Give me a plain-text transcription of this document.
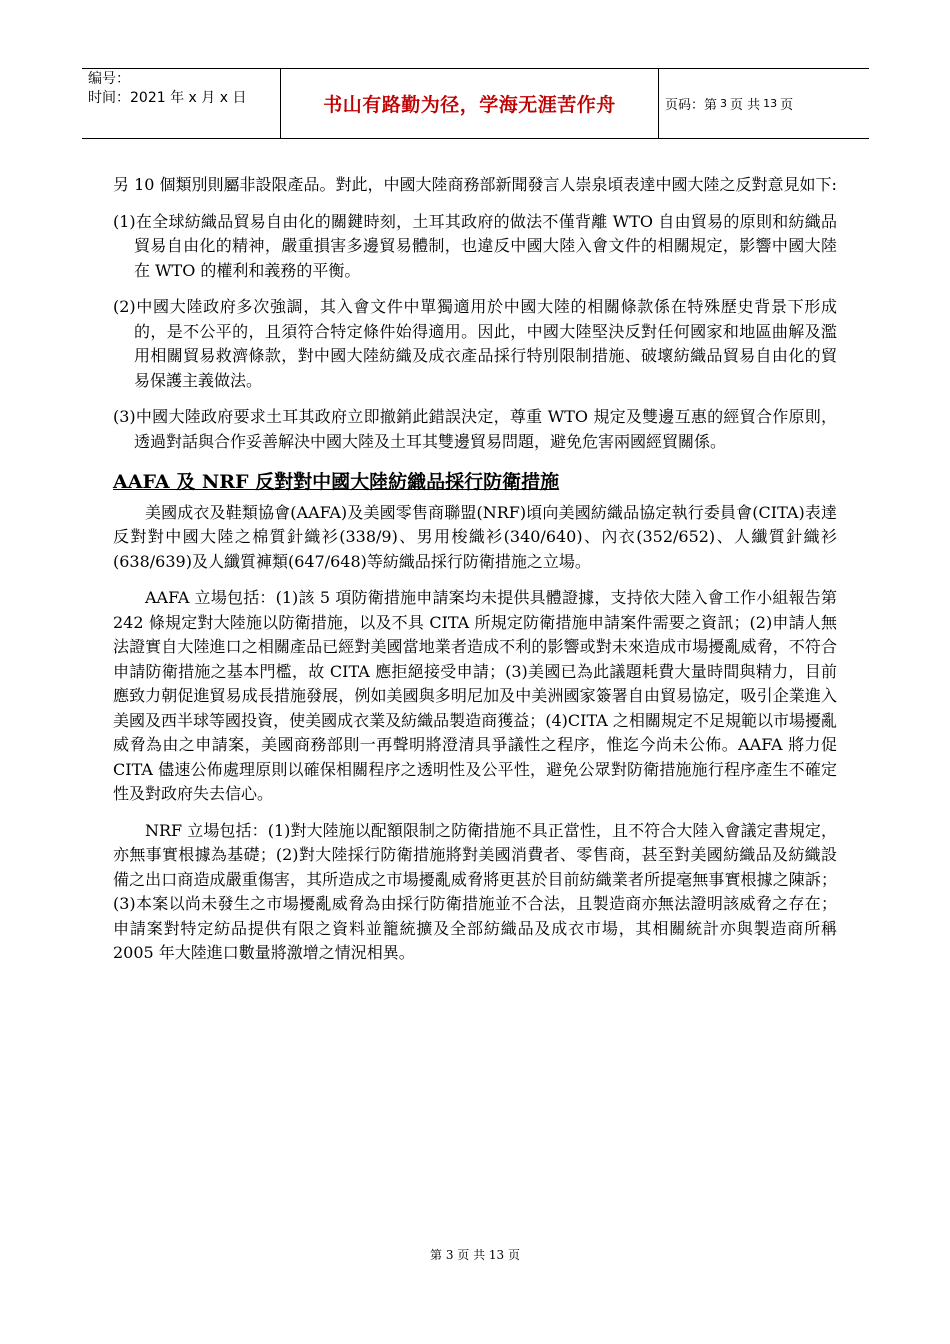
编号：
时间：2021 年 x 月 x 日	书山有路勤为径，学海无涯苦作舟	页码：第 3 页 共 13 页

另 10 個類別則屬非設限產品。對此，中國大陸商務部新聞發言人崇泉頃表達中國大陸之反對意見如下:

(1)在全球紡織品貿易自由化的關鍵時刻，土耳其政府的做法不僅背離 WTO 自由貿易的原則和紡織品貿易自由化的精神，嚴重損害多邊貿易體制，也違反中國大陸入會文件的相關規定，影響中國大陸在 WTO 的權利和義務的平衡。

(2)中國大陸政府多次強調，其入會文件中單獨適用於中國大陸的相關條款係在特殊歷史背景下形成的，是不公平的，且須符合特定條件始得適用。因此，中國大陸堅決反對任何國家和地區曲解及濫用相關貿易救濟條款，對中國大陸紡織及成衣產品採行特別限制措施、破壞紡織品貿易自由化的貿易保護主義做法。

(3)中國大陸政府要求土耳其政府立即撤銷此錯誤決定，尊重 WTO 規定及雙邊互惠的經貿合作原則，透過對話與合作妥善解決中國大陸及土耳其雙邊貿易問題，避免危害兩國經貿關係。

AAFA 及 NRF 反對對中國大陸紡織品採行防衛措施

美國成衣及鞋類協會(AAFA)及美國零售商聯盟(NRF)頃向美國紡織品協定執行委員會(CITA)表達反對對中國大陸之棉質針織衫(338/9)、男用梭織衫(340/640)、內衣(352/652)、人纖質針織衫(638/639)及人纖質褲類(647/648)等紡織品採行防衛措施之立場。

AAFA 立場包括：(1)該 5 項防衛措施申請案均未提供具體證據，支持依大陸入會工作小組報告第 242 條規定對大陸施以防衛措施，以及不具 CITA 所規定防衛措施申請案件需要之資訊；(2)申請人無法證實自大陸進口之相關產品已經對美國當地業者造成不利的影響或對未來造成市場擾亂威脅，不符合申請防衛措施之基本門檻，故 CITA 應拒絕接受申請；(3)美國已為此議題耗費大量時間與精力，目前應致力朝促進貿易成長措施發展，例如美國與多明尼加及中美洲國家簽署自由貿易協定，吸引企業進入美國及西半球等國投資，使美國成衣業及紡織品製造商獲益；(4)CITA 之相關規定不足規範以市場擾亂威脅為由之申請案，美國商務部則一再聲明將澄清具爭議性之程序，惟迄今尚未公佈。AAFA 將力促 CITA 儘速公佈處理原則以確保相關程序之透明性及公平性，避免公眾對防衛措施施行程序產生不確定性及對政府失去信心。

NRF 立場包括：(1)對大陸施以配額限制之防衛措施不具正當性，且不符合大陸入會議定書規定，亦無事實根據為基礎；(2)對大陸採行防衛措施將對美國消費者、零售商，甚至對美國紡織品及紡織設備之出口商造成嚴重傷害，其所造成之市場擾亂威脅將更甚於目前紡織業者所提毫無事實根據之陳訴；(3)本案以尚未發生之市場擾亂威脅為由採行防衛措施並不合法，且製造商亦無法證明該威脅之存在；申請案對特定紡品提供有限之資料並籠統擴及全部紡織品及成衣市場，其相關統計亦與製造商所稱 2005 年大陸進口數量將激增之情況相異。

第 3 页 共 13 页
